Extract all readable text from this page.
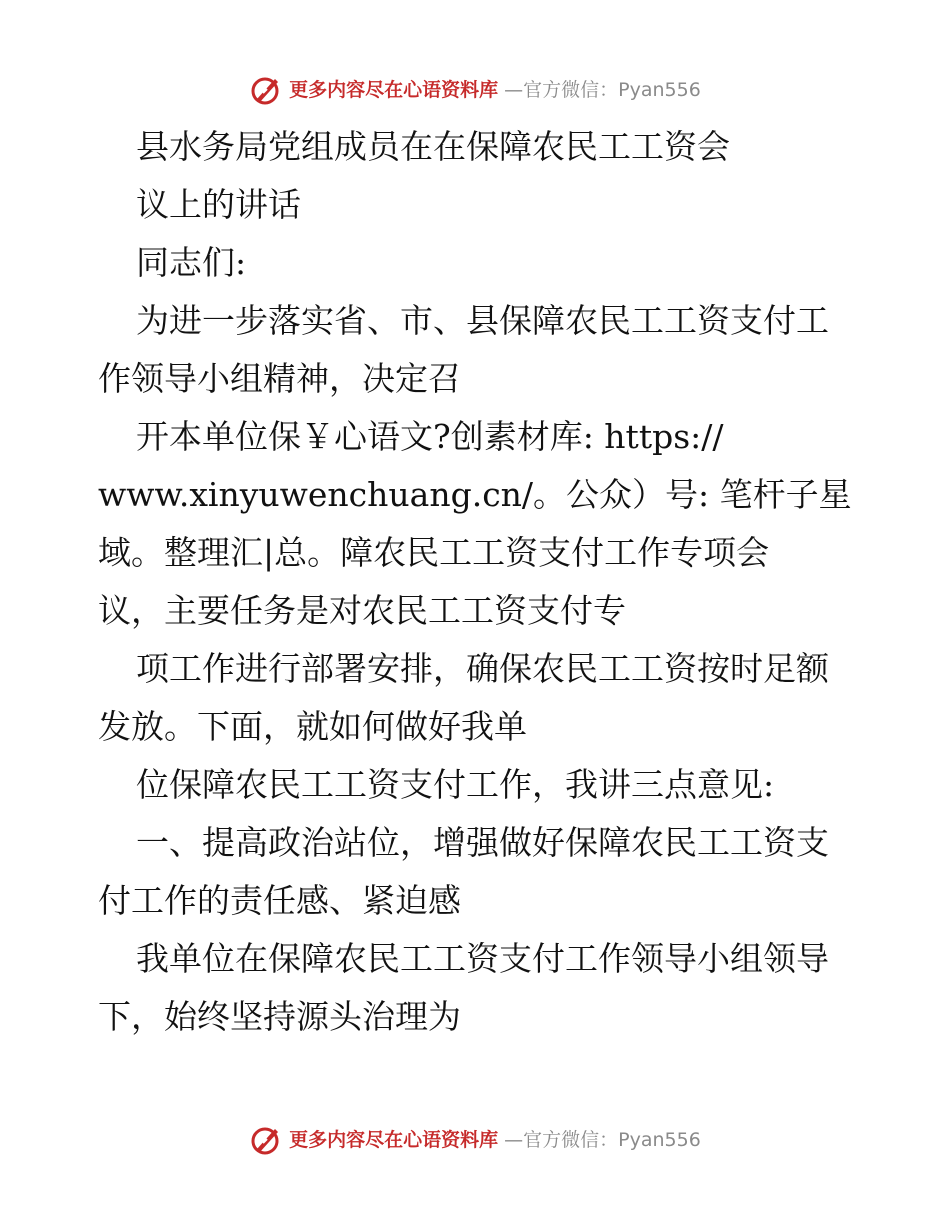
更多内容尽在心语资料库 —官方微信：Pyan556
县水务局党组成员在在保障农民工工资会
议上的讲话
同志们:
为进一步落实省、市、县保障农民工工资支付工
作领导小组精神，决定召
开本单位保￥心语文?创素材库: https://
www.xinyuwenchuang.cn/。公众）号: 笔杆子星
域。整理汇|总。障农民工工资支付工作专项会
议，主要任务是对农民工工资支付专
项工作进行部署安排，确保农民工工资按时足额
发放。下面，就如何做好我单
位保障农民工工资支付工作，我讲三点意见:
一、提高政治站位，增强做好保障农民工工资支
付工作的责任感、紧迫感
我单位在保障农民工工资支付工作领导小组领导
下，始终坚持源头治理为
更多内容尽在心语资料库 —官方微信：Pyan556
